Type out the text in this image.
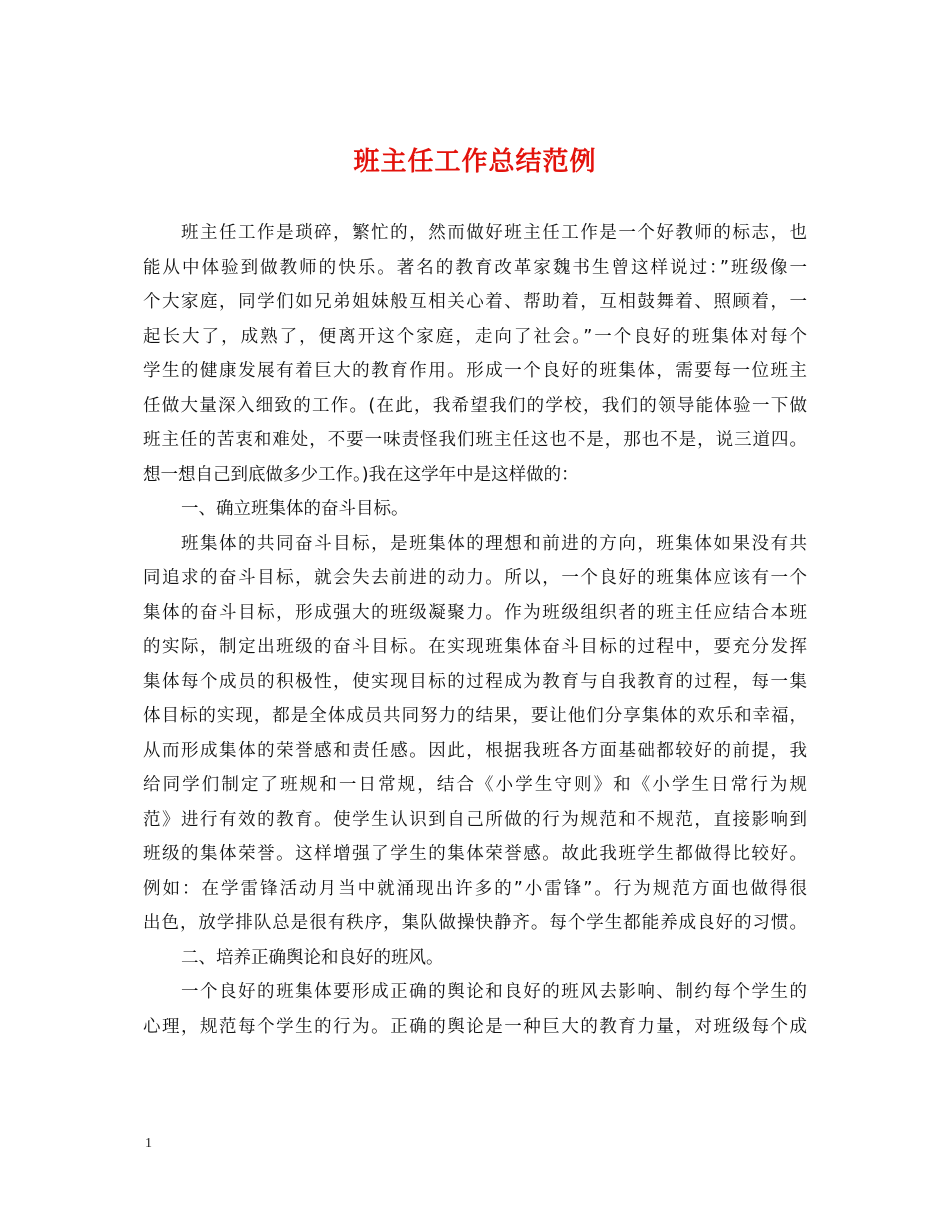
班主任工作总结范例
班主任工作是琐碎，繁忙的，然而做好班主任工作是一个好教师的标志，也
能从中体验到做教师的快乐。著名的教育改革家魏书生曾这样说过：”班级像一
个大家庭，同学们如兄弟姐妹般互相关心着、帮助着，互相鼓舞着、照顾着，一
起长大了，成熟了，便离开这个家庭，走向了社会。”一个良好的班集体对每个
学生的健康发展有着巨大的教育作用。形成一个良好的班集体，需要每一位班主
任做大量深入细致的工作。(在此，我希望我们的学校，我们的领导能体验一下做
班主任的苦衷和难处，不要一味责怪我们班主任这也不是，那也不是，说三道四。
想一想自己到底做多少工作。)我在这学年中是这样做的：
一、确立班集体的奋斗目标。
班集体的共同奋斗目标，是班集体的理想和前进的方向，班集体如果没有共
同追求的奋斗目标，就会失去前进的动力。所以，一个良好的班集体应该有一个
集体的奋斗目标，形成强大的班级凝聚力。作为班级组织者的班主任应结合本班
的实际，制定出班级的奋斗目标。在实现班集体奋斗目标的过程中，要充分发挥
集体每个成员的积极性，使实现目标的过程成为教育与自我教育的过程，每一集
体目标的实现，都是全体成员共同努力的结果，要让他们分享集体的欢乐和幸福，
从而形成集体的荣誉感和责任感。因此，根据我班各方面基础都较好的前提，我
给同学们制定了班规和一日常规，结合《小学生守则》和《小学生日常行为规
范》进行有效的教育。使学生认识到自己所做的行为规范和不规范，直接影响到
班级的集体荣誉。这样增强了学生的集体荣誉感。故此我班学生都做得比较好。
例如：在学雷锋活动月当中就涌现出许多的”小雷锋”。行为规范方面也做得很
出色，放学排队总是很有秩序，集队做操快静齐。每个学生都能养成良好的习惯。
二、培养正确舆论和良好的班风。
一个良好的班集体要形成正确的舆论和良好的班风去影响、制约每个学生的
心理，规范每个学生的行为。正确的舆论是一种巨大的教育力量，对班级每个成
1
